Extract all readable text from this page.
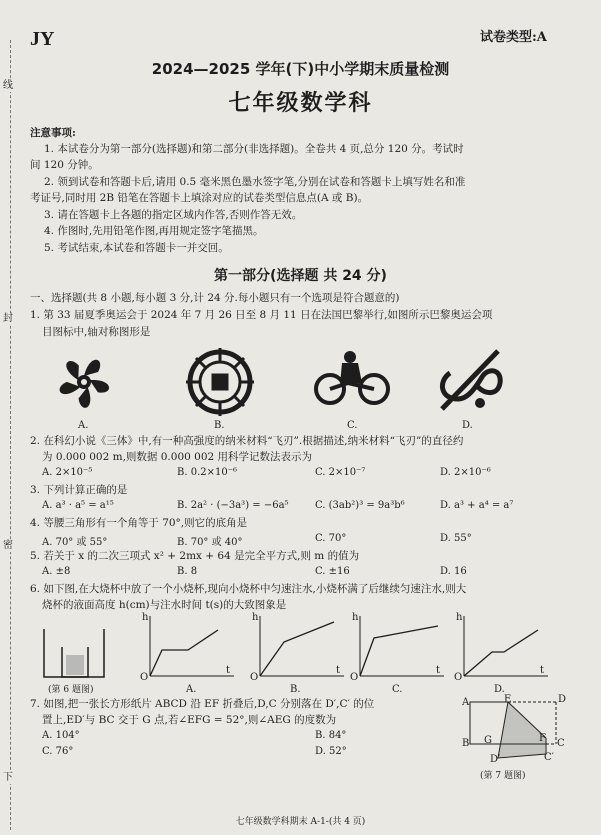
线
封
密
下
JY	试卷类型:A
2024—2025 学年(下)中小学期末质量检测
七年级数学科
注意事项:
1. 本试卷分为第一部分(选择题)和第二部分(非选择题)。全卷共 4 页,总分 120 分。考试时
间 120 分钟。
2. 领到试卷和答题卡后,请用 0.5 毫米黑色墨水签字笔,分别在试卷和答题卡上填写姓名和准
考证号,同时用 2B 铅笔在答题卡上填涂对应的试卷类型信息点(A 或 B)。
3. 请在答题卡上各题的指定区域内作答,否则作答无效。
4. 作图时,先用铅笔作图,再用规定签字笔描黑。
5. 考试结束,本试卷和答题卡一并交回。
第一部分(选择题 共 24 分)
一、选择题(共 8 小题,每小题 3 分,计 24 分.每小题只有一个选项是符合题意的)
1. 第 33 届夏季奥运会于 2024 年 7 月 26 日至 8 月 11 日在法国巴黎举行,如图所示巴黎奥运会项
目图标中,轴对称图形是
A.	B.	C.	D.
2. 在科幻小说《三体》中,有一种高强度的纳米材料“飞刃”.根据描述,纳米材料“飞刃”的直径约
为 0.000 002 m,则数据 0.000 002 用科学记数法表示为
A. 2×10⁻⁵	B. 0.2×10⁻⁶	C. 2×10⁻⁷	D. 2×10⁻⁶
3. 下列计算正确的是
A. a³ · a⁵ = a¹⁵	B. 2a² · (−3a³) = −6a⁵	C. (3ab²)³ = 9a³b⁶	D. a³ + a⁴ = a⁷
4. 等腰三角形有一个角等于 70°,则它的底角是
A. 70° 或 55°	B. 70° 或 40°	C. 70°	D. 55°
5. 若关于 x 的二次三项式 x² + 2mx + 64 是完全平方式,则 m 的值为
A. ±8	B. 8	C. ±16	D. 16
6. 如下图,在大烧杯中放了一个小烧杯,现向小烧杯中匀速注水,小烧杯满了后继续匀速注水,则大
烧杯的液面高度 h(cm)与注水时间 t(s)的大致图象是
(第 6 题图)
h
O
t
A.
h
O
t
B.
h
O
t
C.
h
O
t
D.
7. 如图,把一张长方形纸片 ABCD 沿 EF 折叠后,D,C 分别落在 D′,C′ 的位
置上,ED′与 BC 交于 G 点,若∠EFG = 52°,则∠AEG 的度数为
A. 104°	B. 84°
C. 76°	D. 52°
A	E	D
B G	F C
D′	C′
(第 7 题图)
七年级数学科期末 A-1-(共 4 页)
